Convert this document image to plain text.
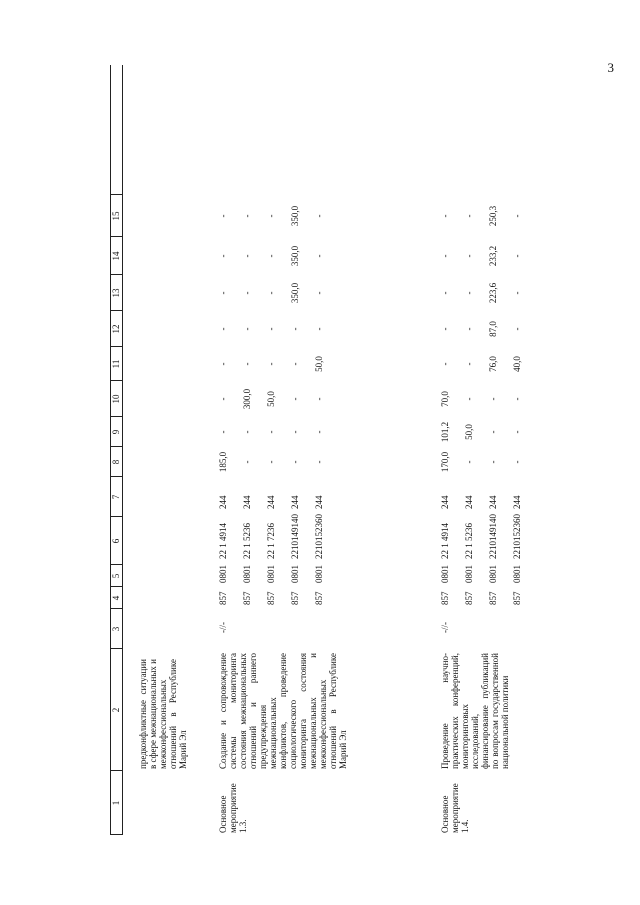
3
1
2
3
4
5
6
7
8
9
10
11
12
13
14
15
предконфликтные ситуации в сфере межнациональных и межконфессиональных отношений в Республике Марий Эл
Основное мероприятие 1.3.
Создание и сопровождение системы мониторинга состояния межнациональных отношений и раннего предупреждения межнациональных конфликтов, проведение социологического мониторинга состояния межнациональных и межконфессиональных отношений в Республике Марий Эл
-//-
857
0801
22 1 4914
244
185,0
-
-
-
-
-
-
-
857
0801
22 1 5236
244
-
-
300,0
-
-
-
-
-
857
0801
22 1 7236
244
-
-
50,0
-
-
-
-
-
857
0801
2210149140
244
-
-
-
-
-
350,0
350,0
350,0
857
0801
2210152360
244
-
-
-
50,0
-
-
-
-
Основное мероприятие 1.4.
Проведение научно-практических конференций, мониторинговых исследований, финансирование публикаций по вопросам государственной национальной политики
-//-
857
0801
22 1 4914
244
170,0
101,2
70,0
-
-
-
-
-
857
0801
22 1 5236
244
-
50,0
-
-
-
-
-
-
857
0801
2210149140
244
-
-
-
76,0
87,0
223,6
233,2
250,3
857
0801
2210152360
244
-
-
-
40,0
-
-
-
-
